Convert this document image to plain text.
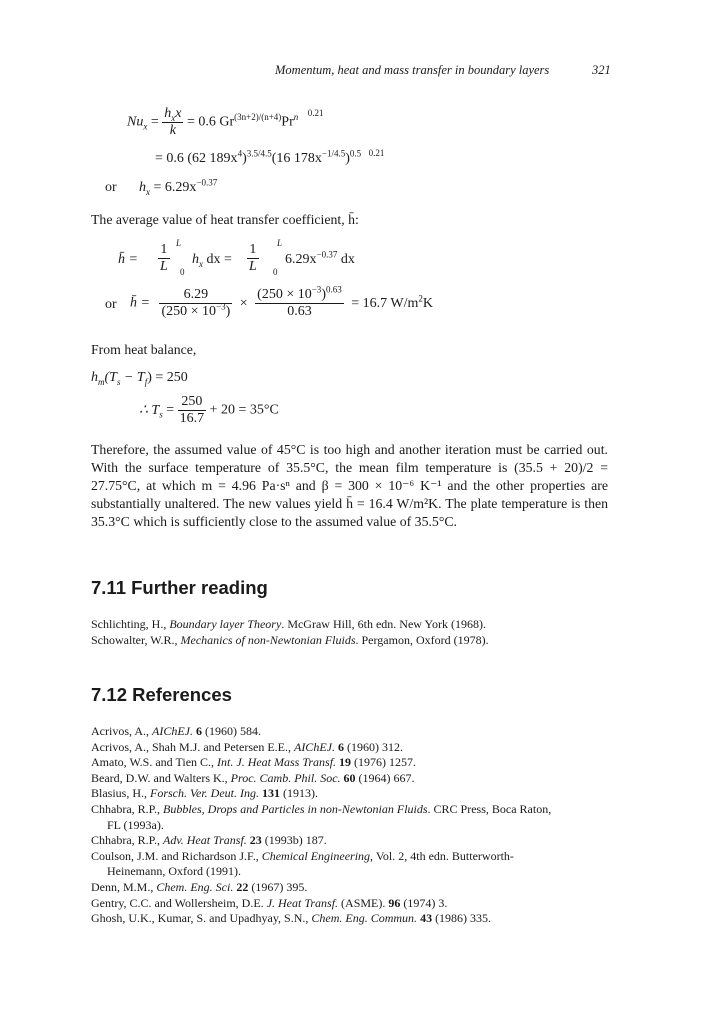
Momentum, heat and mass transfer in boundary layers	321
$Nu_x = \frac{h_xx}{k} = 0.6$ $Gr^{(3n+2)/(n+4)}Pr^n$ $^{0.21}$
= 0.6 (62 $189x^4)^{3.5/4.5}(16$ $178x^{-1/4.5})^{0.5}$ $^{0.21}$
or $h_x = 6.29x^{-0.37}$
The average value of heat transfer coefficient, h̄:
h̄ = $\frac{1}{L}$ L
0
$h_x$ dx = $\frac{1}{L}$ L
0
$6.29x^{-0.37}$ dx
or h̄ = $\frac{6.29}{(250 \times 10^{-3})} \times \frac{(250 \times 10^{-3})^{0.63}}{0.63} = 16.7$ $W/m^2K$
From heat balance,
$h_m(T_s - T_f) = 250$
∴ $T_s = \frac{250}{16.7} + 20 = 35^\circ C$
Therefore, the assumed value of 45°C is too high and another iteration must be carried out. With the surface temperature of 35.5°C, the mean film temperature is (35.5 + 20)/2 = 27.75°C, at which m = 4.96 Pa·sⁿ and β = 300 × 10⁻⁶ K⁻¹ and the other properties are substantially unaltered. The new values yield h̄ = 16.4 W/m²K. The plate temperature is then 35.3°C which is sufficiently close to the assumed value of 35.5°C.
7.11 Further reading
Schlichting, H., Boundary layer Theory. McGraw Hill, 6th edn. New York (1968).
Schowalter, W.R., Mechanics of non-Newtonian Fluids. Pergamon, Oxford (1978).
7.12 References
Acrivos, A., AIChEJ. 6 (1960) 584.
Acrivos, A., Shah M.J. and Petersen E.E., AIChEJ. 6 (1960) 312.
Amato, W.S. and Tien C., Int. J. Heat Mass Transf. 19 (1976) 1257.
Beard, D.W. and Walters K., Proc. Camb. Phil. Soc. 60 (1964) 667.
Blasius, H., Forsch. Ver. Deut. Ing. 131 (1913).
Chhabra, R.P., Bubbles, Drops and Particles in non-Newtonian Fluids. CRC Press, Boca Raton,
FL (1993a).
Chhabra, R.P., Adv. Heat Transf. 23 (1993b) 187.
Coulson, J.M. and Richardson J.F., Chemical Engineering, Vol. 2, 4th edn. Butterworth-
Heinemann, Oxford (1991).
Denn, M.M., Chem. Eng. Sci. 22 (1967) 395.
Gentry, C.C. and Wollersheim, D.E. J. Heat Transf. (ASME). 96 (1974) 3.
Ghosh, U.K., Kumar, S. and Upadhyay, S.N., Chem. Eng. Commun. 43 (1986) 335.
